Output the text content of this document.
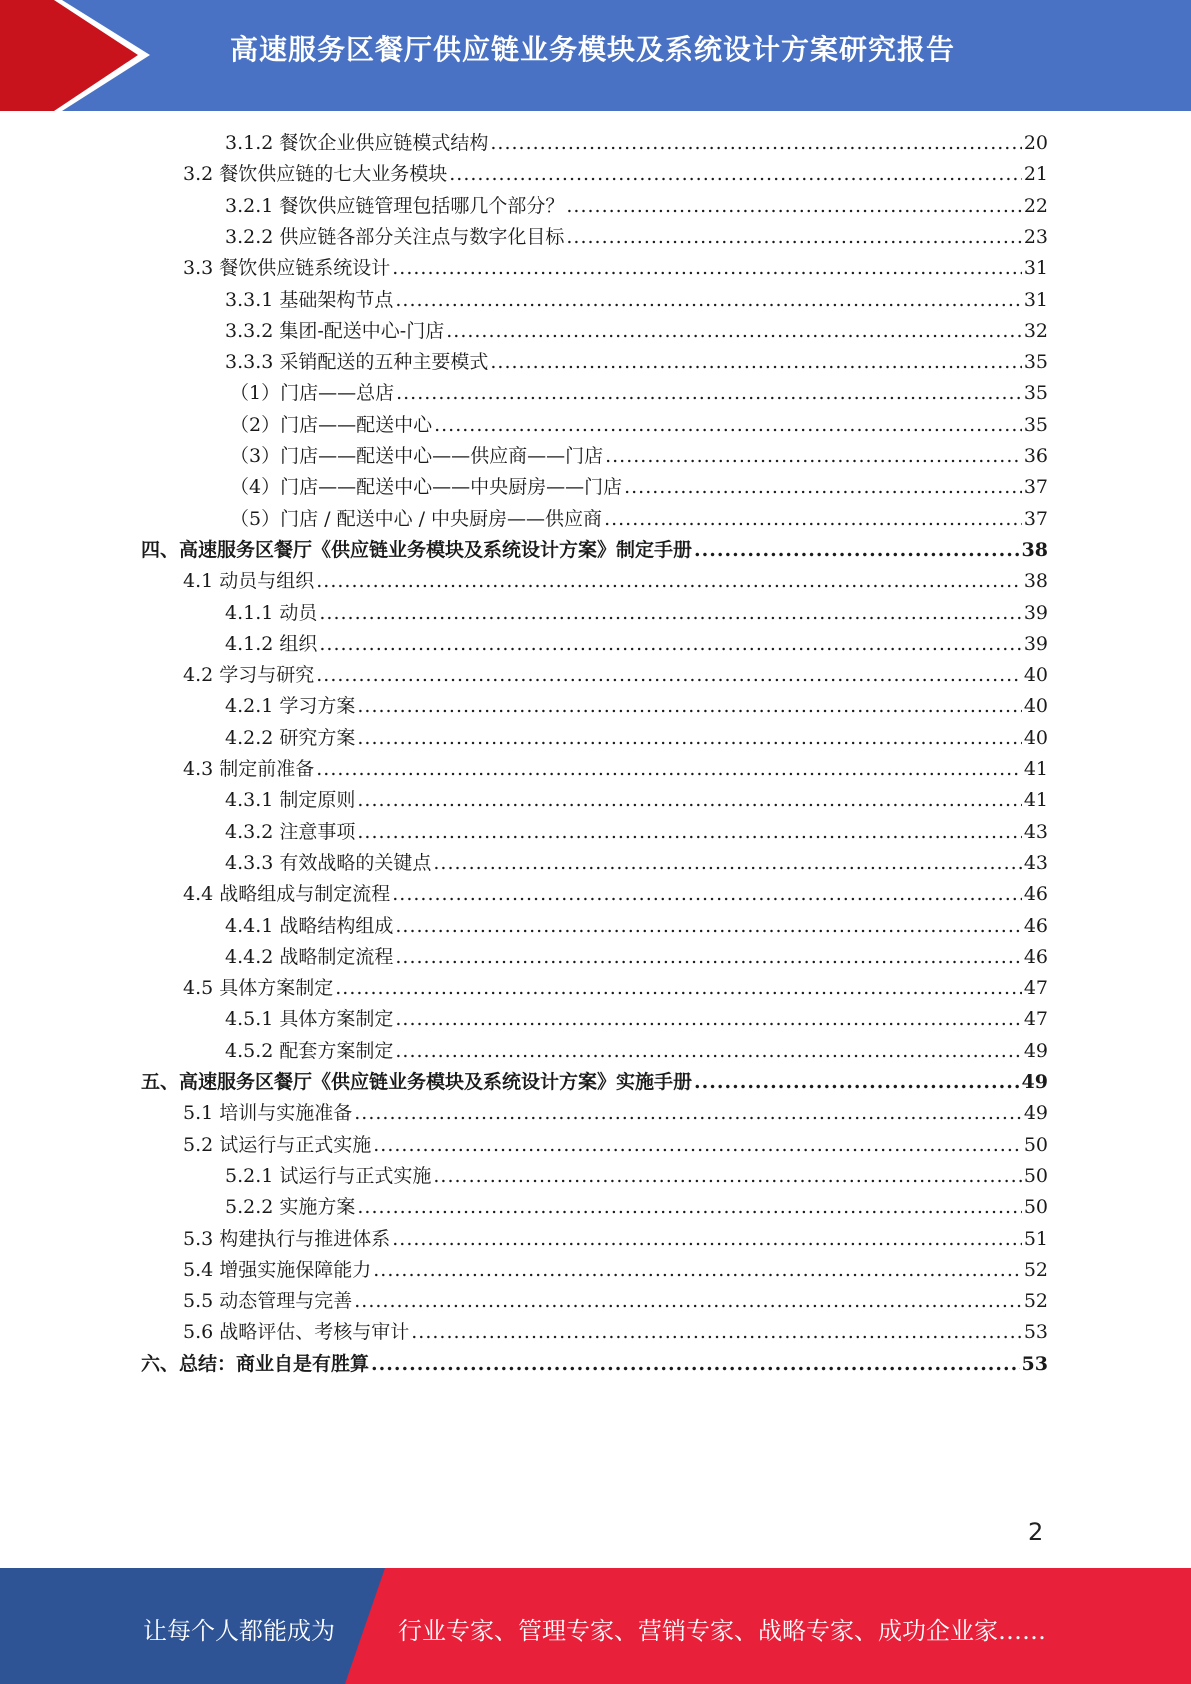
高速服务区餐厅供应链业务模块及系统设计方案研究报告
3.1.2 餐饮企业供应链模式结构 .....	20
3.2 餐饮供应链的七大业务模块 .....	21
3.2.1 餐饮供应链管理包括哪几个部分？ .....	22
3.2.2 供应链各部分关注点与数字化目标 .....	23
3.3 餐饮供应链系统设计 .....	31
3.3.1 基础架构节点 .....	31
3.3.2 集团-配送中心-门店 .....	32
3.3.3 采销配送的五种主要模式 .....	35
（1）门店——总店 .....	35
（2）门店——配送中心 .....	35
（3）门店——配送中心——供应商——门店 .....	36
（4）门店——配送中心——中央厨房——门店 .....	37
（5）门店 / 配送中心 / 中央厨房——供应商 .....	37
四、高速服务区餐厅《供应链业务模块及系统设计方案》制定手册 .....	38
4.1 动员与组织 .....	38
4.1.1 动员 .....	39
4.1.2 组织 .....	39
4.2 学习与研究 .....	40
4.2.1 学习方案 .....	40
4.2.2 研究方案 .....	40
4.3 制定前准备 .....	41
4.3.1 制定原则 .....	41
4.3.2 注意事项 .....	43
4.3.3 有效战略的关键点 .....	43
4.4 战略组成与制定流程 .....	46
4.4.1 战略结构组成 .....	46
4.4.2 战略制定流程 .....	46
4.5 具体方案制定 .....	47
4.5.1 具体方案制定 .....	47
4.5.2 配套方案制定 .....	49
五、高速服务区餐厅《供应链业务模块及系统设计方案》实施手册 .....	49
5.1 培训与实施准备 .....	49
5.2 试运行与正式实施 .....	50
5.2.1 试运行与正式实施 .....	50
5.2.2 实施方案 .....	50
5.3 构建执行与推进体系 .....	51
5.4 增强实施保障能力 .....	52
5.5 动态管理与完善 .....	52
5.6 战略评估、考核与审计 .....	53
六、总结：商业自是有胜算 .....	53
2
让每个人都能成为	行业专家、管理专家、营销专家、战略专家、成功企业家……
